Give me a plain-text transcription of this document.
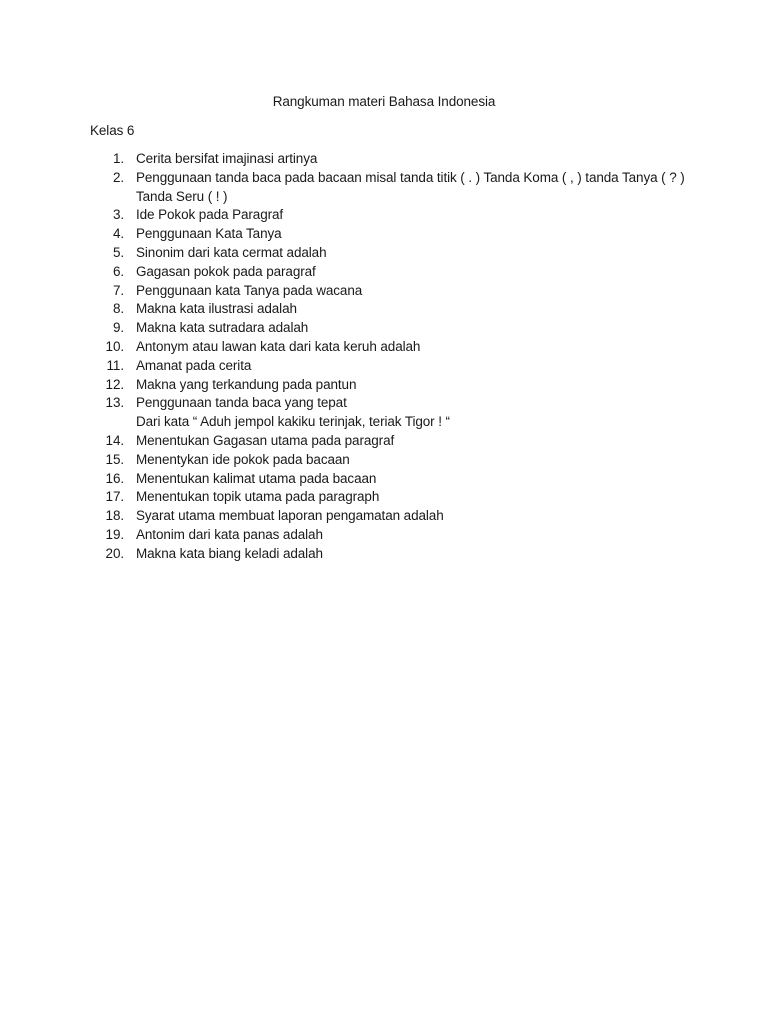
Rangkuman materi Bahasa Indonesia
Kelas 6
1. Cerita bersifat imajinasi artinya
2. Penggunaan tanda baca pada bacaan misal tanda titik ( . ) Tanda Koma ( , ) tanda Tanya ( ? )
Tanda Seru ( ! )
3. Ide Pokok pada Paragraf
4. Penggunaan Kata Tanya
5. Sinonim dari kata cermat adalah
6. Gagasan pokok pada paragraf
7. Penggunaan kata Tanya pada wacana
8. Makna kata ilustrasi adalah
9. Makna kata sutradara adalah
10. Antonym atau lawan kata dari kata keruh adalah
11. Amanat pada cerita
12. Makna yang terkandung pada pantun
13. Penggunaan tanda baca yang tepat
Dari kata “ Aduh jempol kakiku terinjak, teriak Tigor ! “
14. Menentukan Gagasan utama pada paragraf
15. Menentykan ide pokok pada bacaan
16. Menentukan kalimat utama pada bacaan
17. Menentukan topik utama pada paragraph
18. Syarat utama membuat laporan pengamatan adalah
19. Antonim dari kata panas adalah
20. Makna kata biang keladi adalah
